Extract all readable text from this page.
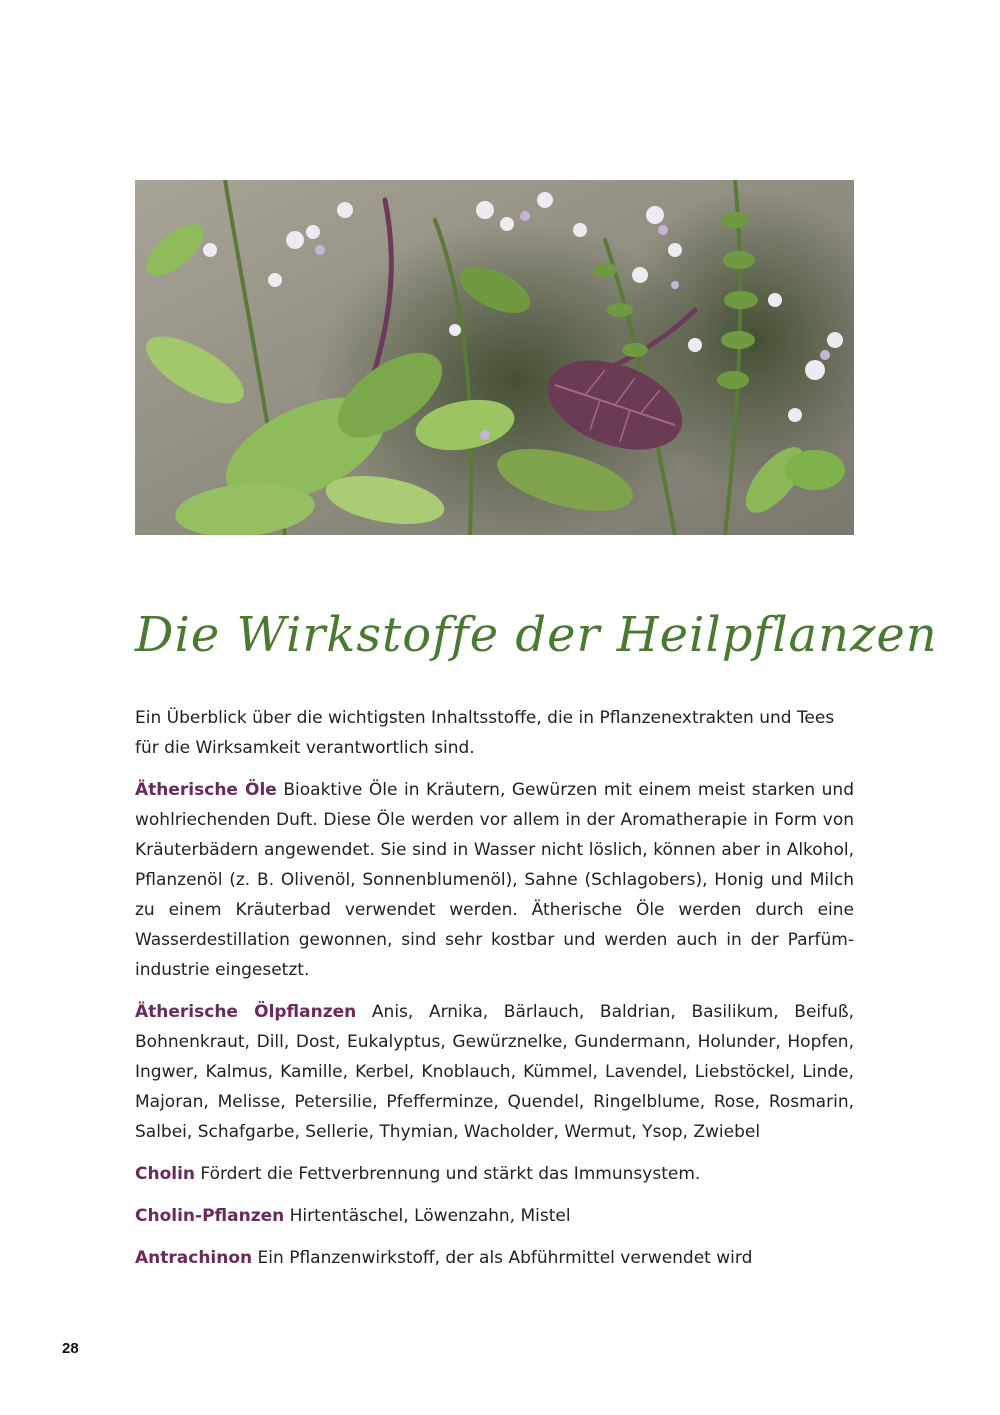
Die Wirkstoffe der Heilpflanzen

Ein Überblick über die wichtigsten Inhaltsstoffe, die in Pflanzenextrakten und Tees für die Wirksamkeit verantwortlich sind.

Ätherische Öle Bioaktive Öle in Kräutern, Gewürzen mit einem meist starken und wohlriechenden Duft. Diese Öle werden vor allem in der Aromatherapie in Form von Kräuterbädern angewendet. Sie sind in Wasser nicht löslich, können aber in Alkohol, Pflanzenöl (z. B. Olivenöl, Sonnenblumenöl), Sahne (Schlagobers), Honig und Milch zu einem Kräuterbad verwendet werden. Ätherische Öle werden durch eine Wasserdestillation gewonnen, sind sehr kostbar und werden auch in der Parfümindustrie eingesetzt.

Ätherische Ölpflanzen Anis, Arnika, Bärlauch, Baldrian, Basilikum, Beifuß, Bohnenkraut, Dill, Dost, Eukalyptus, Gewürznelke, Gundermann, Holunder, Hopfen, Ingwer, Kalmus, Kamille, Kerbel, Knoblauch, Kümmel, Lavendel, Liebstöckel, Linde, Majoran, Melisse, Petersilie, Pfefferminze, Quendel, Ringelblume, Rose, Rosmarin, Salbei, Schafgarbe, Sellerie, Thymian, Wacholder, Wermut, Ysop, Zwiebel

Cholin Fördert die Fettverbrennung und stärkt das Immunsystem.

Cholin-Pflanzen Hirtentäschel, Löwenzahn, Mistel

Antrachinon Ein Pflanzenwirkstoff, der als Abführmittel verwendet wird

28
